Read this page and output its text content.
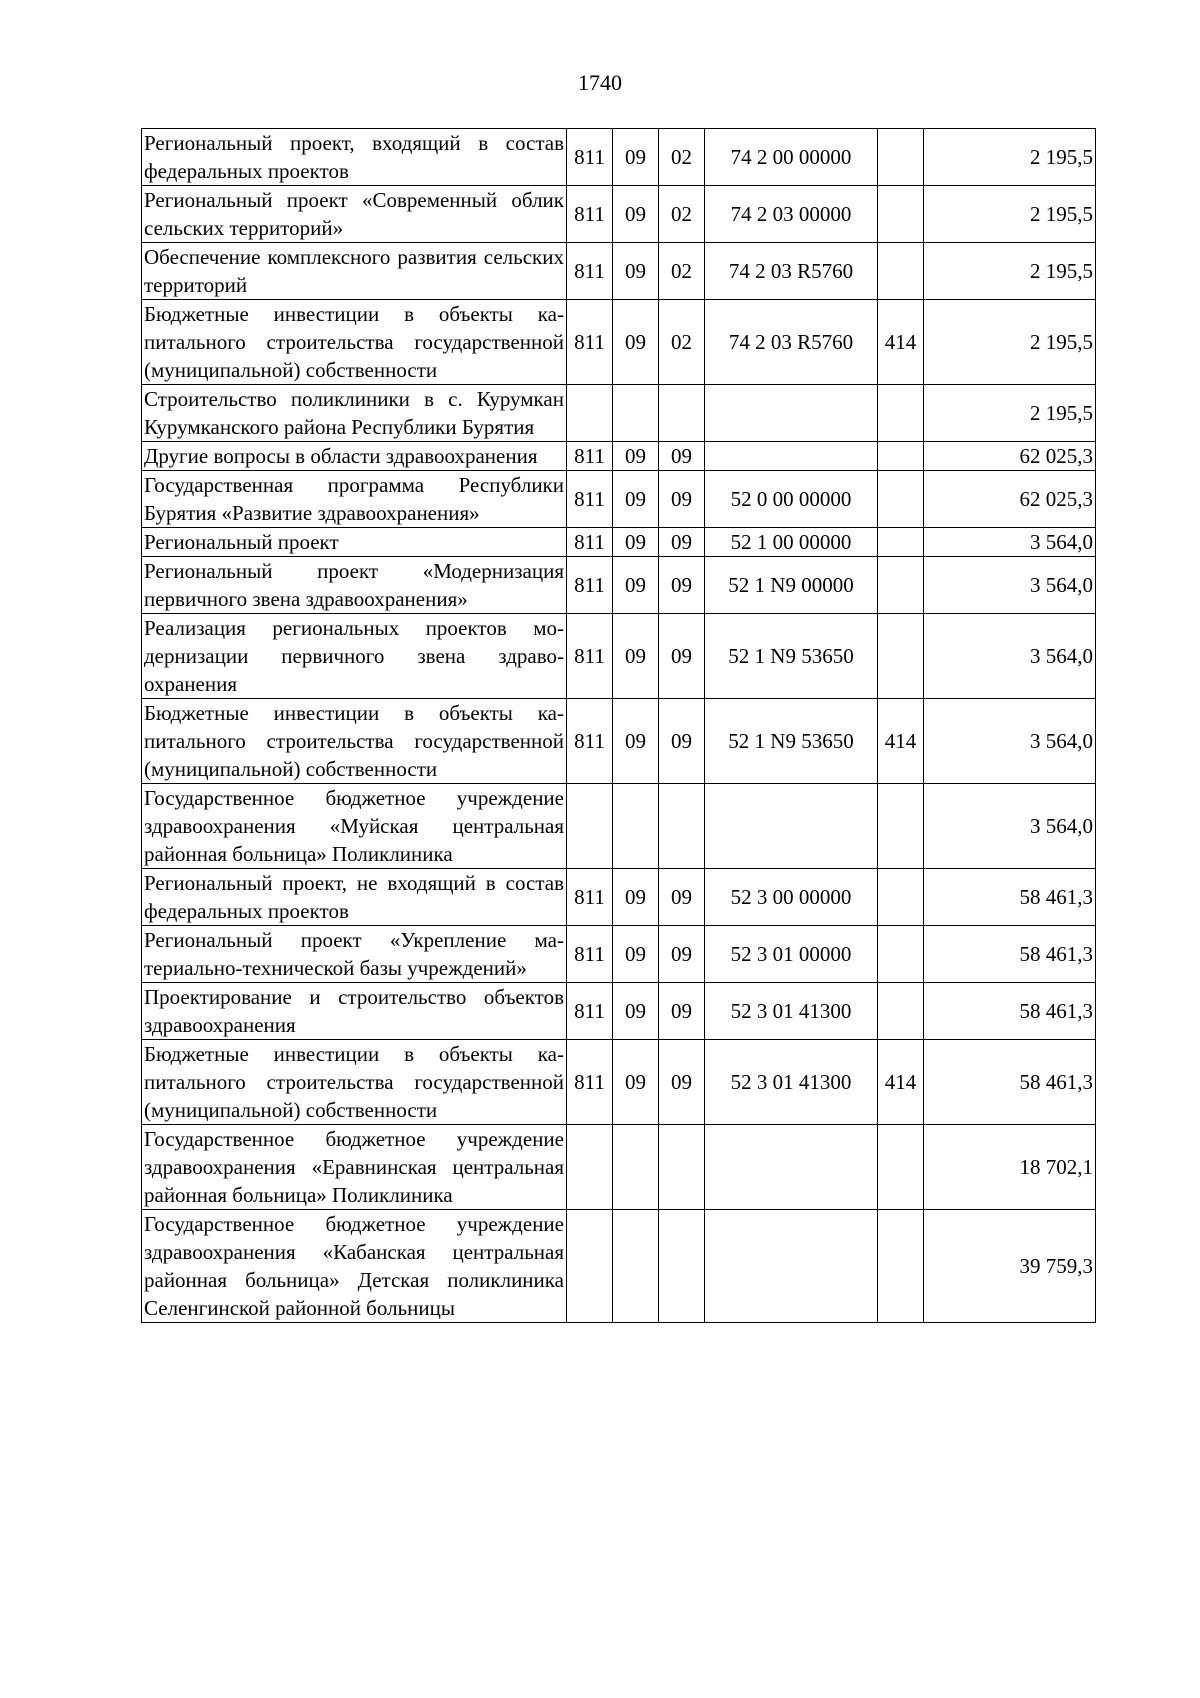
1740
Региональный проект, входящий в состав федеральных проектов	811	09	02	74 2 00 00000		2 195,5
Региональный проект «Современный облик сельских территорий»	811	09	02	74 2 03 00000		2 195,5
Обеспечение комплексного развития сельских территорий	811	09	02	74 2 03 R5760		2 195,5
Бюджетные инвестиции в объекты капитального строительства государственной (муниципальной) собственности	811	09	02	74 2 03 R5760	414	2 195,5
Строительство поликлиники в с. Курумкан Курумканского района Республики Бурятия						2 195,5
Другие вопросы в области здравоохранения	811	09	09			62 025,3
Государственная программа Республики Бурятия «Развитие здравоохранения»	811	09	09	52 0 00 00000		62 025,3
Региональный проект	811	09	09	52 1 00 00000		3 564,0
Региональный проект «Модернизация первичного звена здравоохранения»	811	09	09	52 1 N9 00000		3 564,0
Реализация региональных проектов модернизации первичного звена здравоохранения	811	09	09	52 1 N9 53650		3 564,0
Бюджетные инвестиции в объекты капитального строительства государственной (муниципальной) собственности	811	09	09	52 1 N9 53650	414	3 564,0
Государственное бюджетное учреждение здравоохранения «Муйская центральная районная больница» Поликлиника						3 564,0
Региональный проект, не входящий в состав федеральных проектов	811	09	09	52 3 00 00000		58 461,3
Региональный проект «Укрепление материально-технической базы учреждений»	811	09	09	52 3 01 00000		58 461,3
Проектирование и строительство объектов здравоохранения	811	09	09	52 3 01 41300		58 461,3
Бюджетные инвестиции в объекты капитального строительства государственной (муниципальной) собственности	811	09	09	52 3 01 41300	414	58 461,3
Государственное бюджетное учреждение здравоохранения «Еравнинская центральная районная больница» Поликлиника						18 702,1
Государственное бюджетное учреждение здравоохранения «Кабанская центральная районная больница» Детская поликлиника Селенгинской районной больницы						39 759,3
